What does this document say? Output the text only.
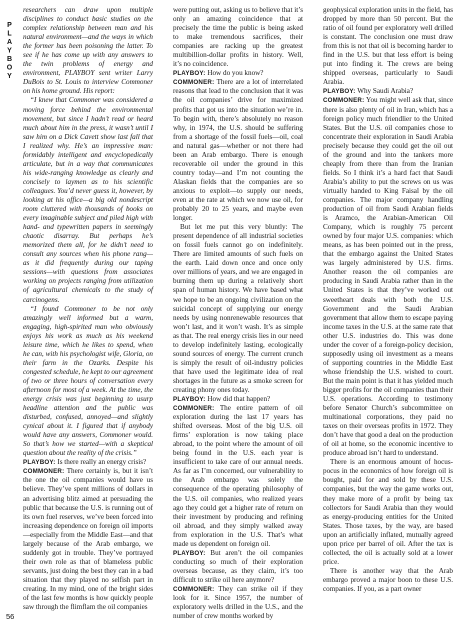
PLAYBOY
56

researchers can draw upon multiple disciplines to conduct basic studies on the complex relationship between man and his natural environment—and the ways in which the former has been poisoning the latter. To see if he has come up with any answers to the twin problems of energy and environment, PLAYBOY sent writer Larry DuBois to St. Louis to interview Commoner on his home ground. His report:

“I knew that Commoner was considered a moving force behind the environmental movement, but since I hadn’t read or heard much about him in the press, it wasn’t until I saw him on a Dick Cavett show last fall that I realized why. He’s an impressive man: formidably intelligent and encyclopedically articulate, but in a way that communicates his wide-ranging knowledge as clearly and concisely to laymen as to his scientific colleagues. You’d never guess it, however, by looking at his office—a big old nondescript room cluttered with thousands of books on every imaginable subject and piled high with hand- and typewritten papers in seemingly chaotic disarray. But perhaps he’s memorized them all, for he didn’t need to consult any sources when his phone rang—as it did frequently during our taping sessions—with questions from associates working on projects ranging from utilization of agricultural chemicals to the study of carcinogens.

“I found Commoner to be not only amazingly well informed but a warm, engaging, high-spirited man who obviously enjoys his work as much as his weekend leisure time, which he likes to spend, when he can, with his psychologist wife, Gloria, on their farm in the Ozarks. Despite his congested schedule, he kept to our agreement of two or three hours of conversation every afternoon for most of a week. At the time, the energy crisis was just beginning to usurp headline attention and the public was disturbed, confused, annoyed—and slightly cynical about it. I figured that if anybody would have any answers, Commoner would. So that’s how we started—with a skeptical question about the reality of the crisis.”

PLAYBOY: Is there really an energy crisis?

COMMONER: There certainly is, but it isn’t the one the oil companies would have us believe. They’ve spent millions of dollars in an advertising blitz aimed at persuading the public that because the U.S. is running out of its own fuel reserves, we’ve been forced into increasing dependence on foreign oil imports—especially from the Middle East—and that largely because of the Arab embargo, we suddenly got in trouble. They’ve portrayed their own role as that of blameless public servants, just doing the best they can in a bad situation that they played no selfish part in creating. In my mind, one of the bright sides of the last few months is how quickly people saw through the flimflam the oil companies

were putting out, asking us to believe that it’s only an amazing coincidence that at precisely the time the public is being asked to make tremendous sacrifices, their companies are racking up the greatest multibillion-dollar profits in history. Well, it’s no coincidence.

PLAYBOY: How do you know?

COMMONER: There are a lot of interrelated reasons that lead to the conclusion that it was the oil companies’ drive for maximized profits that got us into the situation we’re in. To begin with, there’s absolutely no reason why, in 1974, the U.S. should be suffering from a shortage of the fossil fuels—oil, coal and natural gas—whether or not there had been an Arab embargo. There is enough recoverable oil under the ground in this country today—and I’m not counting the Alaskan fields that the companies are so anxious to exploit—to supply our needs, even at the rate at which we now use oil, for probably 20 to 25 years, and maybe even longer.

But let me put this very bluntly: The present dependence of all industrial societies on fossil fuels cannot go on indefinitely. There are limited amounts of such fuels on the earth. Laid down once and once only over millions of years, and we are engaged in burning them up during a relatively short span of human history. We have based what we hope to be an ongoing civilization on the suicidal concept of supplying our energy needs by using nonrenewable resources that won’t last, and it won’t wash. It’s as simple as that. The real energy crisis lies in our need to develop indefinitely lasting, ecologically sound sources of energy. The current crunch is simply the result of oil-industry policies that have used the legitimate idea of real shortages in the future as a smoke screen for creating phony ones today.

PLAYBOY: How did that happen?

COMMONER: The entire pattern of oil exploration during the last 17 years has shifted overseas. Most of the big U.S. oil firms’ exploration is now taking place abroad, to the point where the amount of oil being found in the U.S. each year is insufficient to take care of our annual needs. As far as I’m concerned, our vulnerability to the Arab embargo was solely the consequence of the operating philosophy of the U.S. oil companies, who realized years ago they could get a higher rate of return on their investment by producing and refining oil abroad, and they simply walked away from exploration in the U.S. That’s what made us dependent on foreign oil.

PLAYBOY: But aren’t the oil companies conducting so much of their exploration overseas because, as they claim, it’s too difficult to strike oil here anymore?

COMMONER: They can strike oil if they look for it. Since 1957, the number of exploratory wells drilled in the U.S., and the number of crew months worked by

geophysical exploration units in the field, has dropped by more than 50 percent. But the ratio of oil found per exploratory well drilled is constant. The conclusion one must draw from this is not that oil is becoming harder to find in the U.S. but that less effort is being put into finding it. The crews are being shipped overseas, particularly to Saudi Arabia.

PLAYBOY: Why Saudi Arabia?

COMMONER: You might well ask that, since there is also plenty of oil in Iran, which has a foreign policy much friendlier to the United States. But the U.S. oil companies chose to concentrate their exploration in Saudi Arabia precisely because they could get the oil out of the ground and into the tankers more cheaply from there than from the Iranian fields. So I think it’s a hard fact that Saudi Arabia’s ability to put the screws on us was virtually handed to King Faisal by the oil companies. The major company handling production of oil from Saudi Arabian fields is Aramco, the Arabian-American Oil Company, which is roughly 75 percent owned by four major U.S. companies: which means, as has been pointed out in the press, that the embargo against the United States was largely administered by U.S. firms. Another reason the oil companies are producing in Saudi Arabia rather than in the United States is that they’ve worked out sweetheart deals with both the U.S. Government and the Saudi Arabian government that allow them to escape paying income taxes in the U.S. at the same rate that other U.S. industries do. This was done under the cover of a foreign-policy decision, supposedly using oil investment as a means of supporting countries in the Middle East whose friendship the U.S. wished to court. But the main point is that it has yielded much bigger profits for the oil companies than their U.S. operations. According to testimony before Senator Church’s subcommittee on multinational corporations, they paid no taxes on their overseas profits in 1972. They don’t have that good a deal on the production of oil at home, so the economic incentive to produce abroad isn’t hard to understand.

There is an enormous amount of hocus-pocus in the economics of how foreign oil is bought, paid for and sold by these U.S. companies, but the way the game works out, they make more of a profit by being tax collectors for Saudi Arabia than they would as energy-producing entities for the United States. Those taxes, by the way, are based upon an artificially inflated, mutually agreed upon price per barrel of oil. After the tax is collected, the oil is actually sold at a lower price.

There is another way that the Arab embargo proved a major boon to these U.S. companies. If you, as a part owner
